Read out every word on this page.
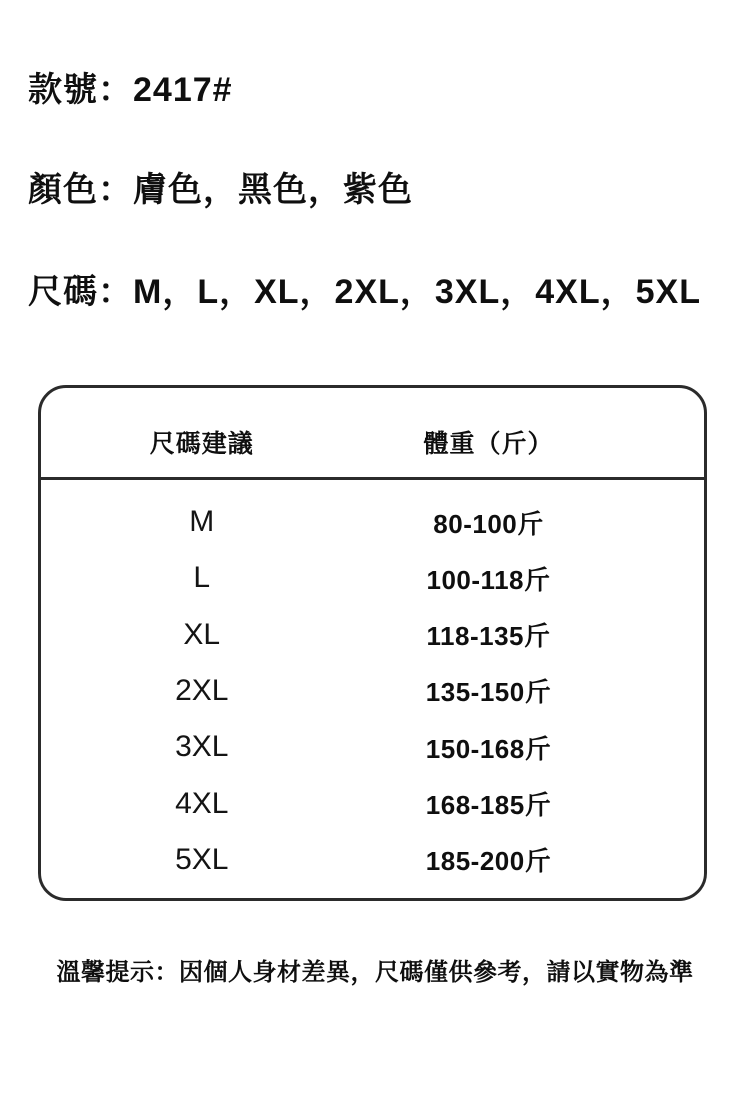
款號：2417#
顏色：膚色，黑色，紫色
尺碼：M，L，XL，2XL，3XL，4XL，5XL
尺碼建議	體重（斤）
M	80-100斤
L	100-118斤
XL	118-135斤
2XL	135-150斤
3XL	150-168斤
4XL	168-185斤
5XL	185-200斤
溫馨提示：因個人身材差異，尺碼僅供參考，請以實物為準
